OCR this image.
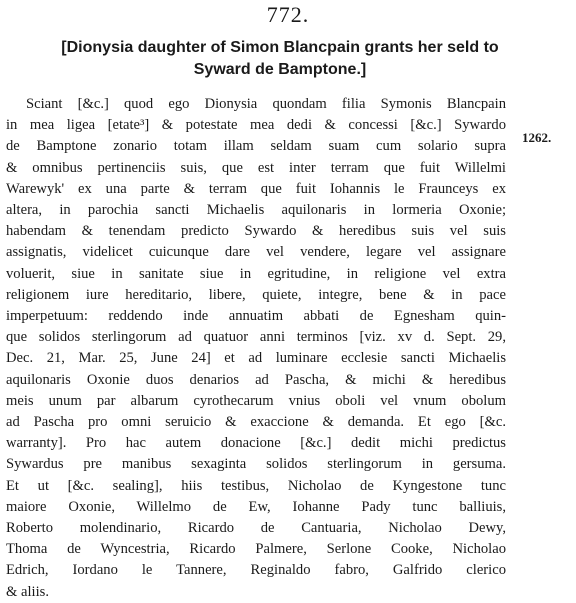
772.
[Dionysia daughter of Simon Blancpain grants her seld to
Syward de Bamptone.]
1262.
Sciant [&c.] quod ego Dionysia quondam filia Symonis Blancpain
in mea ligea [etate³] & potestate mea dedi & concessi [&c.] Sywardo
de Bamptone zonario totam illam seldam suam cum solario supra
& omnibus pertinenciis suis, que est inter terram que fuit Willelmi
Warewyk' ex una parte & terram que fuit Iohannis le Fraunceys ex
altera, in parochia sancti Michaelis aquilonaris in lormeria Oxonie;
habendam & tenendam predicto Sywardo & heredibus suis vel suis
assignatis, videlicet cuicunque dare vel vendere, legare vel assignare
voluerit, siue in sanitate siue in egritudine, in religione vel extra
religionem iure hereditario, libere, quiete, integre, bene & in pace
imperpetuum: reddendo inde annuatim abbati de Egnesham quin-
que solidos sterlingorum ad quatuor anni terminos [viz. xv d. Sept. 29,
Dec. 21, Mar. 25, June 24] et ad luminare ecclesie sancti Michaelis
aquilonaris Oxonie duos denarios ad Pascha, & michi & heredibus
meis unum par albarum cyrothecarum vnius oboli vel vnum obolum
ad Pascha pro omni seruicio & exaccione & demanda. Et ego [&c.
warranty]. Pro hac autem donacione [&c.] dedit michi predictus
Sywardus pre manibus sexaginta solidos sterlingorum in gersuma.
Et ut [&c. sealing], hiis testibus, Nicholao de Kyngestone tunc
maiore Oxonie, Willelmo de Ew, Iohanne Pady tunc balliuis,
Roberto molendinario, Ricardo de Cantuaria, Nicholao Dewy,
Thoma de Wyncestria, Ricardo Palmere, Serlone Cooke, Nicholao
Edrich, Iordano le Tannere, Reginaldo fabro, Galfrido clerico
& aliis.
